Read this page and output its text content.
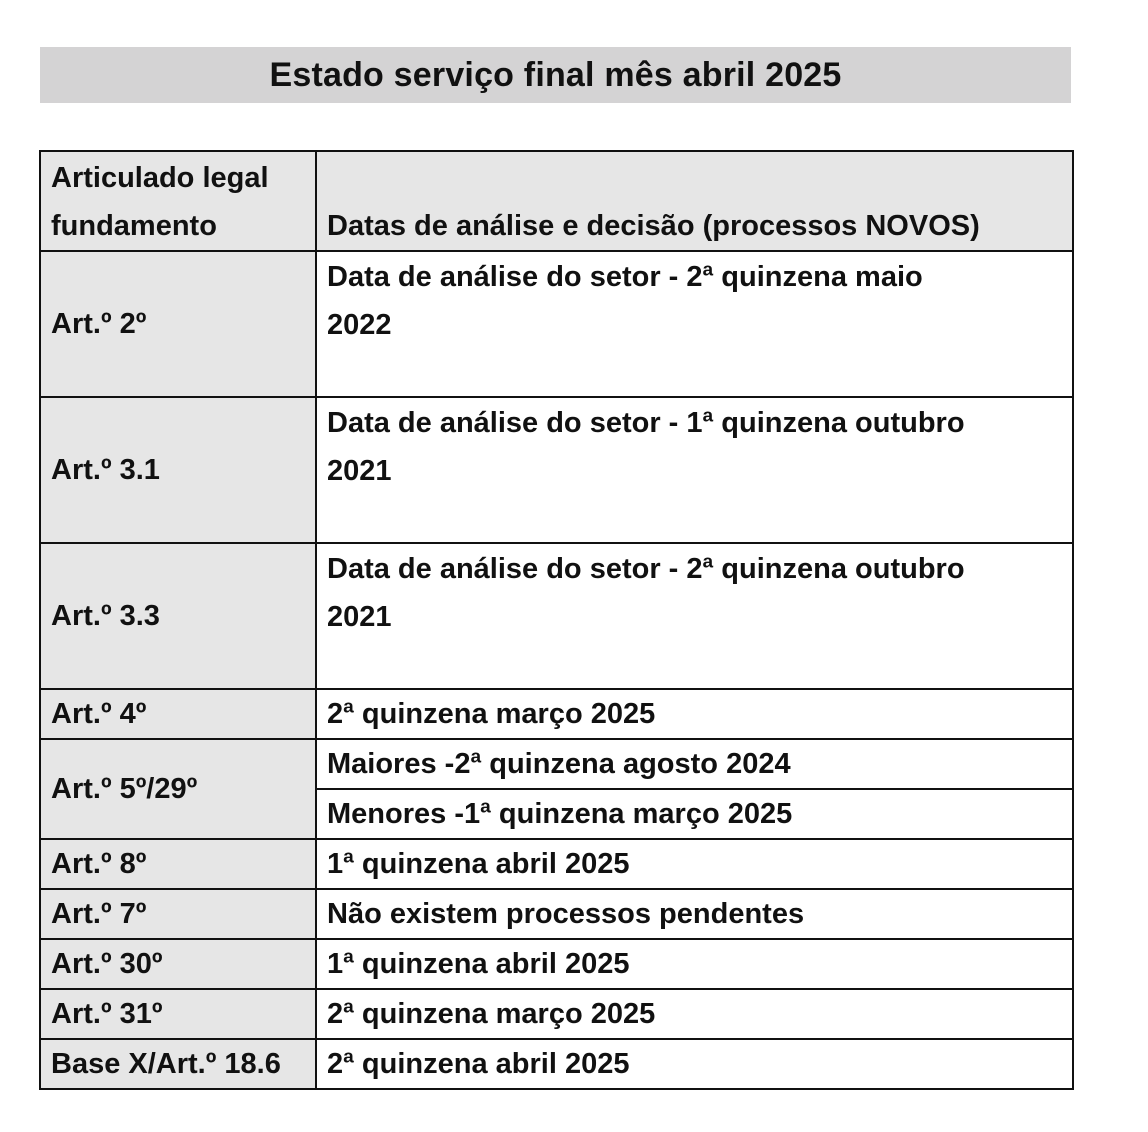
Estado serviço final mês abril 2025
Articulado legal
fundamento	Datas de análise e decisão (processos NOVOS)
Art.º 2º	Data de análise do setor - 2ª quinzena maio
2022
Art.º 3.1	Data de análise do setor - 1ª quinzena outubro
2021
Art.º 3.3	Data de análise do setor - 2ª quinzena outubro
2021
Art.º 4º	2ª quinzena março 2025
Art.º 5º/29º	Maiores -2ª quinzena agosto 2024
	Menores -1ª quinzena março 2025
Art.º 8º	1ª quinzena abril 2025
Art.º 7º	Não existem processos pendentes
Art.º 30º	1ª quinzena abril 2025
Art.º 31º	2ª quinzena março 2025
Base X/Art.º 18.6	2ª quinzena abril 2025
